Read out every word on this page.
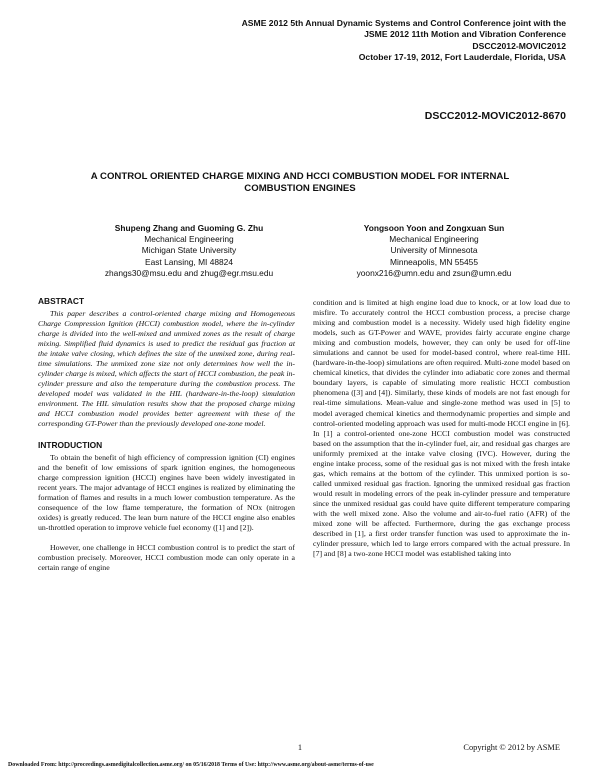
ASME 2012 5th Annual Dynamic Systems and Control Conference joint with the
JSME 2012 11th Motion and Vibration Conference
DSCC2012-MOVIC2012
October 17-19, 2012, Fort Lauderdale, Florida, USA
DSCC2012-MOVIC2012-8670
A CONTROL ORIENTED CHARGE MIXING AND HCCI COMBUSTION MODEL FOR INTERNAL
COMBUSTION ENGINES
Shupeng Zhang and Guoming G. Zhu
Mechanical Engineering
Michigan State University
East Lansing, MI 48824
zhangs30@msu.edu and zhug@egr.msu.edu
Yongsoon Yoon and Zongxuan Sun
Mechanical Engineering
University of Minnesota
Minneapolis, MN 55455
yoonx216@umn.edu and zsun@umn.edu
ABSTRACT

This paper describes a control-oriented charge mixing and Homogeneous Charge Compression Ignition (HCCI) combustion model, where the in-cylinder charge is divided into the well-mixed and unmixed zones as the result of charge mixing. Simplified fluid dynamics is used to predict the residual gas fraction at the intake valve closing, which defines the size of the unmixed zone, during real-time simulations. The unmixed zone size not only determines how well the in-cylinder charge is mixed, which affects the start of HCCI combustion, the peak in-cylinder pressure and also the temperature during the combustion process. The developed model was validated in the HIL (hardware-in-the-loop) simulation environment. The HIL simulation results show that the proposed charge mixing and HCCI combustion model provides better agreement with these of the corresponding GT-Power than the previously developed one-zone model.

INTRODUCTION

To obtain the benefit of high efficiency of compression ignition (CI) engines and the benefit of low emissions of spark ignition engines, the homogeneous charge compression ignition (HCCI) engines have been widely investigated in recent years. The major advantage of HCCI engines is realized by eliminating the formation of flames and results in a much lower combustion temperature. As the consequence of the low flame temperature, the formation of NOx (nitrogen oxides) is greatly reduced. The lean burn nature of the HCCI engine also enables un-throttled operation to improve vehicle fuel economy ([1] and [2]).

However, one challenge in HCCI combustion control is to predict the start of combustion precisely. Moreover, HCCI combustion mode can only operate in a certain range of engine

condition and is limited at high engine load due to knock, or at low load due to misfire. To accurately control the HCCI combustion process, a precise charge mixing and combustion model is a necessity. Widely used high fidelity engine models, such as GT-Power and WAVE, provides fairly accurate engine charge mixing and combustion models, however, they can only be used for off-line simulations and cannot be used for model-based control, where real-time HIL (hardware-in-the-loop) simulations are often required. Multi-zone model based on chemical kinetics, that divides the cylinder into adiabatic core zones and thermal boundary layers, is capable of simulating more realistic HCCI combustion phenomena ([3] and [4]). Similarly, these kinds of models are not fast enough for real-time simulations. Mean-value and single-zone method was used in [5] to model averaged chemical kinetics and thermodynamic properties and simple and control-oriented modeling approach was used for multi-mode HCCI engine in [6]. In [1] a control-oriented one-zone HCCI combustion model was constructed based on the assumption that the in-cylinder fuel, air, and residual gas charges are uniformly premixed at the intake valve closing (IVC). However, during the engine intake process, some of the residual gas is not mixed with the fresh intake gas, which remains at the bottom of the cylinder. This unmixed portion is so-called unmixed residual gas fraction. Ignoring the unmixed residual gas fraction would result in modeling errors of the peak in-cylinder pressure and temperature since the unmixed residual gas could have quite different temperature comparing with the well mixed zone. Also the volume and air-to-fuel ratio (AFR) of the mixed zone will be affected. Furthermore, during the gas exchange process described in [1], a first order transfer function was used to approximate the in-cylinder pressure, which led to large errors compared with the actual pressure. In [7] and [8] a two-zone HCCI model was established taking into

1	Copyright © 2012 by ASME
Downloaded From: http://proceedings.asmedigitalcollection.asme.org/ on 05/16/2018 Terms of Use: http://www.asme.org/about-asme/terms-of-use
